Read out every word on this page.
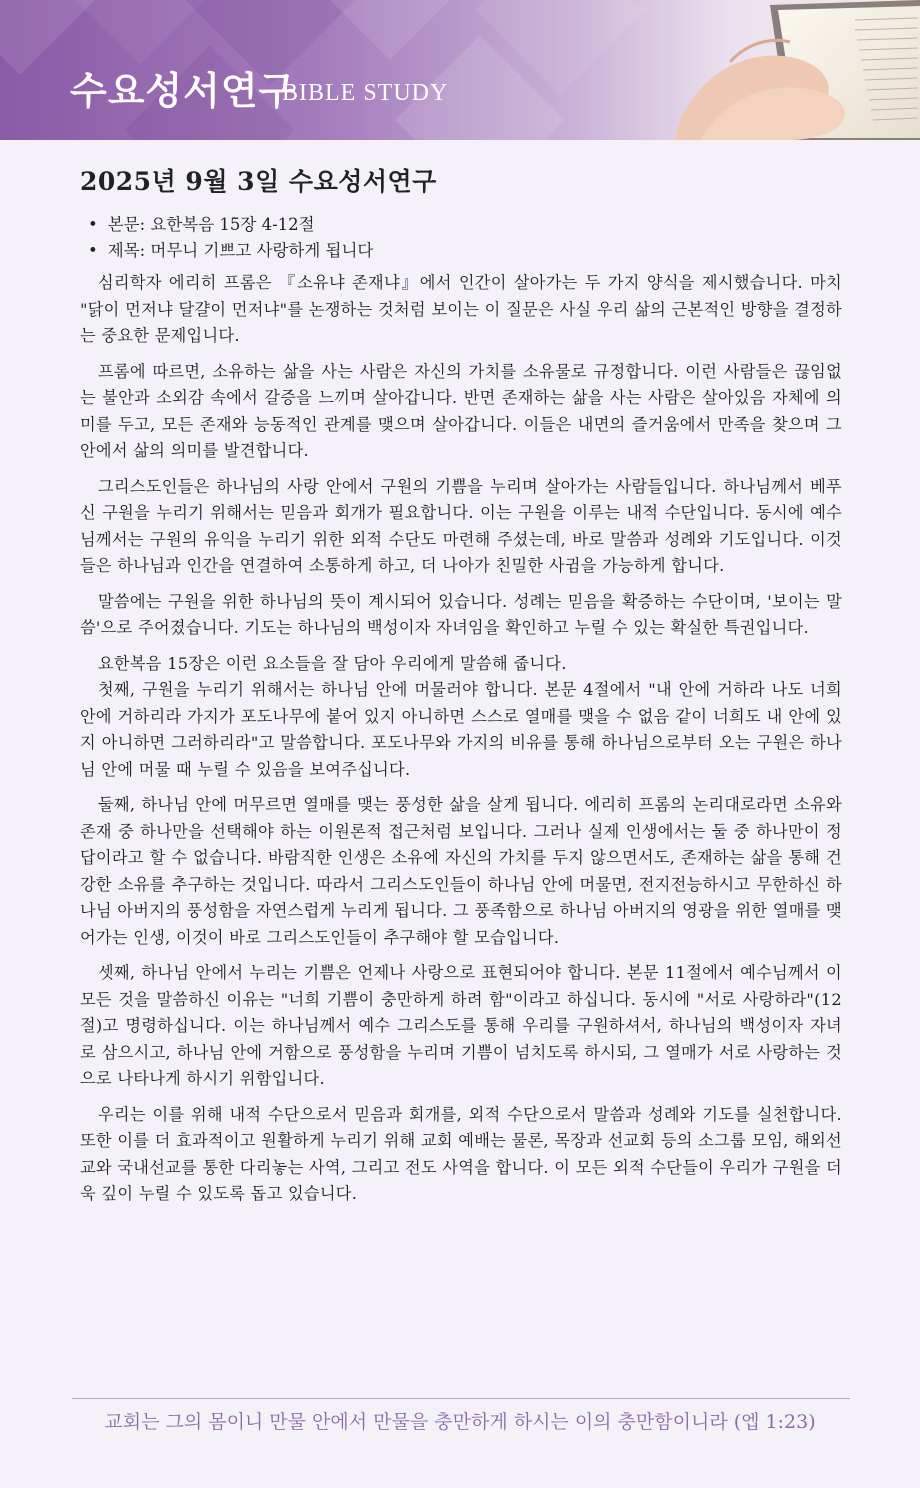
수요성서연구
BIBLE STUDY
2025년 9월 3일 수요성서연구
• 본문: 요한복음 15장 4-12절
• 제목: 머무니 기쁘고 사랑하게 됩니다

심리학자 에리히 프롬은 『소유냐 존재냐』에서 인간이 살아가는 두 가지 양식을 제시했습니다. 마치 "닭이 먼저냐 달걀이 먼저냐"를 논쟁하는 것처럼 보이는 이 질문은 사실 우리 삶의 근본적인 방향을 결정하는 중요한 문제입니다.

프롬에 따르면, 소유하는 삶을 사는 사람은 자신의 가치를 소유물로 규정합니다. 이런 사람들은 끊임없는 불안과 소외감 속에서 갈증을 느끼며 살아갑니다. 반면 존재하는 삶을 사는 사람은 살아있음 자체에 의미를 두고, 모든 존재와 능동적인 관계를 맺으며 살아갑니다. 이들은 내면의 즐거움에서 만족을 찾으며 그 안에서 삶의 의미를 발견합니다.

그리스도인들은 하나님의 사랑 안에서 구원의 기쁨을 누리며 살아가는 사람들입니다. 하나님께서 베푸신 구원을 누리기 위해서는 믿음과 회개가 필요합니다. 이는 구원을 이루는 내적 수단입니다. 동시에 예수님께서는 구원의 유익을 누리기 위한 외적 수단도 마련해 주셨는데, 바로 말씀과 성례와 기도입니다. 이것들은 하나님과 인간을 연결하여 소통하게 하고, 더 나아가 친밀한 사귐을 가능하게 합니다.

말씀에는 구원을 위한 하나님의 뜻이 계시되어 있습니다. 성례는 믿음을 확증하는 수단이며, '보이는 말씀'으로 주어졌습니다. 기도는 하나님의 백성이자 자녀임을 확인하고 누릴 수 있는 확실한 특권입니다.

요한복음 15장은 이런 요소들을 잘 담아 우리에게 말씀해 줍니다.

첫째, 구원을 누리기 위해서는 하나님 안에 머물러야 합니다. 본문 4절에서 "내 안에 거하라 나도 너희 안에 거하리라 가지가 포도나무에 붙어 있지 아니하면 스스로 열매를 맺을 수 없음 같이 너희도 내 안에 있지 아니하면 그러하리라"고 말씀합니다. 포도나무와 가지의 비유를 통해 하나님으로부터 오는 구원은 하나님 안에 머물 때 누릴 수 있음을 보여주십니다.

둘째, 하나님 안에 머무르면 열매를 맺는 풍성한 삶을 살게 됩니다. 에리히 프롬의 논리대로라면 소유와 존재 중 하나만을 선택해야 하는 이원론적 접근처럼 보입니다. 그러나 실제 인생에서는 둘 중 하나만이 정답이라고 할 수 없습니다. 바람직한 인생은 소유에 자신의 가치를 두지 않으면서도, 존재하는 삶을 통해 건강한 소유를 추구하는 것입니다. 따라서 그리스도인들이 하나님 안에 머물면, 전지전능하시고 무한하신 하나님 아버지의 풍성함을 자연스럽게 누리게 됩니다. 그 풍족함으로 하나님 아버지의 영광을 위한 열매를 맺어가는 인생, 이것이 바로 그리스도인들이 추구해야 할 모습입니다.

셋째, 하나님 안에서 누리는 기쁨은 언제나 사랑으로 표현되어야 합니다. 본문 11절에서 예수님께서 이 모든 것을 말씀하신 이유는 "너희 기쁨이 충만하게 하려 함"이라고 하십니다. 동시에 "서로 사랑하라"(12절)고 명령하십니다. 이는 하나님께서 예수 그리스도를 통해 우리를 구원하셔서, 하나님의 백성이자 자녀로 삼으시고, 하나님 안에 거함으로 풍성함을 누리며 기쁨이 넘치도록 하시되, 그 열매가 서로 사랑하는 것으로 나타나게 하시기 위함입니다.

우리는 이를 위해 내적 수단으로서 믿음과 회개를, 외적 수단으로서 말씀과 성례와 기도를 실천합니다. 또한 이를 더 효과적이고 원활하게 누리기 위해 교회 예배는 물론, 목장과 선교회 등의 소그룹 모임, 해외선교와 국내선교를 통한 다리놓는 사역, 그리고 전도 사역을 합니다. 이 모든 외적 수단들이 우리가 구원을 더욱 깊이 누릴 수 있도록 돕고 있습니다.

교회는 그의 몸이니 만물 안에서 만물을 충만하게 하시는 이의 충만함이니라 (엡 1:23)
